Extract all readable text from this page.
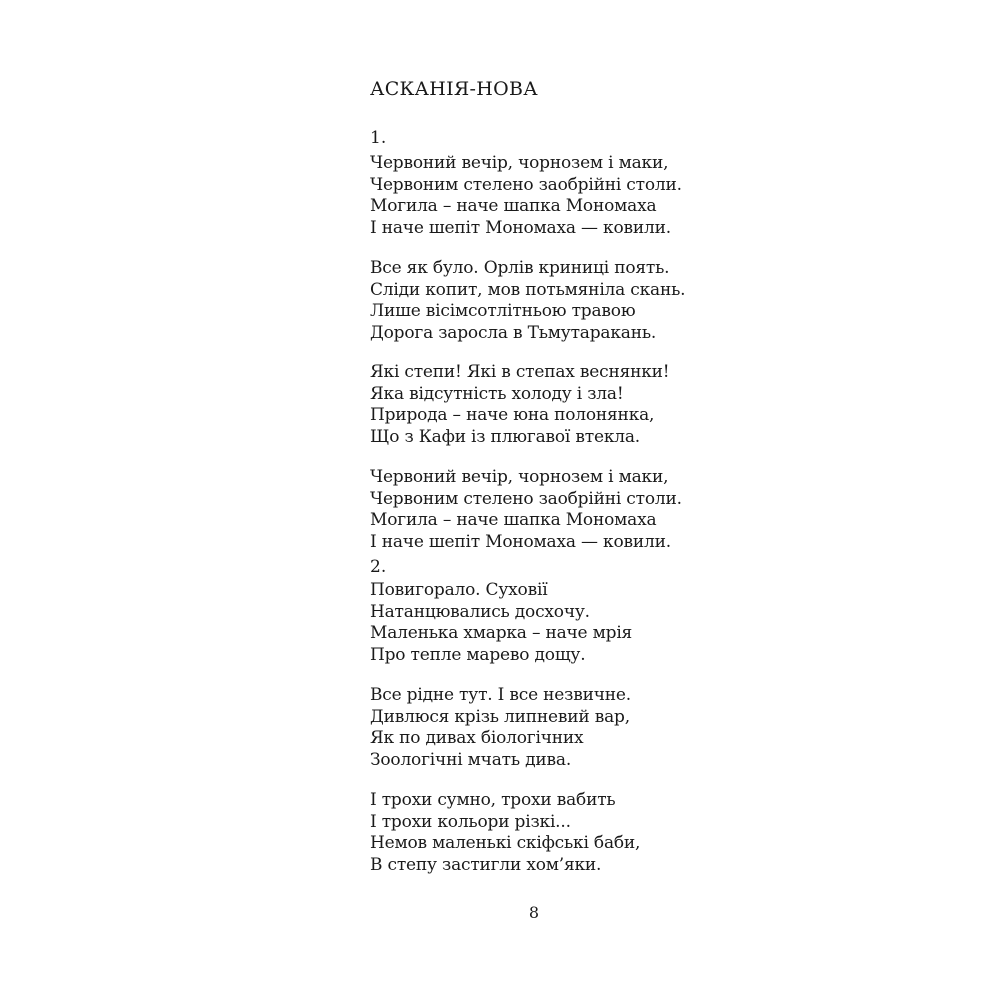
АСКАНІЯ-НОВА
1.
Червоний вечір, чорнозем і маки,
Червоним стелено заобрійні столи.
Могила – наче шапка Мономаха
І наче шепіт Мономаха — ковили.
Все як було. Орлів криниці поять.
Сліди копит, мов потьмяніла скань.
Лише вісімсотлітньою травою
Дорога заросла в Тьмутаракань.
Які степи! Які в степах веснянки!
Яка відсутність холоду і зла!
Природа – наче юна полонянка,
Що з Кафи із плюгавої втекла.
Червоний вечір, чорнозем і маки,
Червоним стелено заобрійні столи.
Могила – наче шапка Мономаха
І наче шепіт Мономаха — ковили.
2.
Повигорало. Суховії
Натанцювались досхочу.
Маленька хмарка – наче мрія
Про тепле марево дощу.
Все рідне тут. І все незвичне.
Дивлюся крізь липневий вар,
Як по дивах біологічних
Зоологічні мчать дива.
І трохи сумно, трохи вабить
І трохи кольори різкі...
Немов маленькі скіфські баби,
В степу застигли хом’яки.
8
